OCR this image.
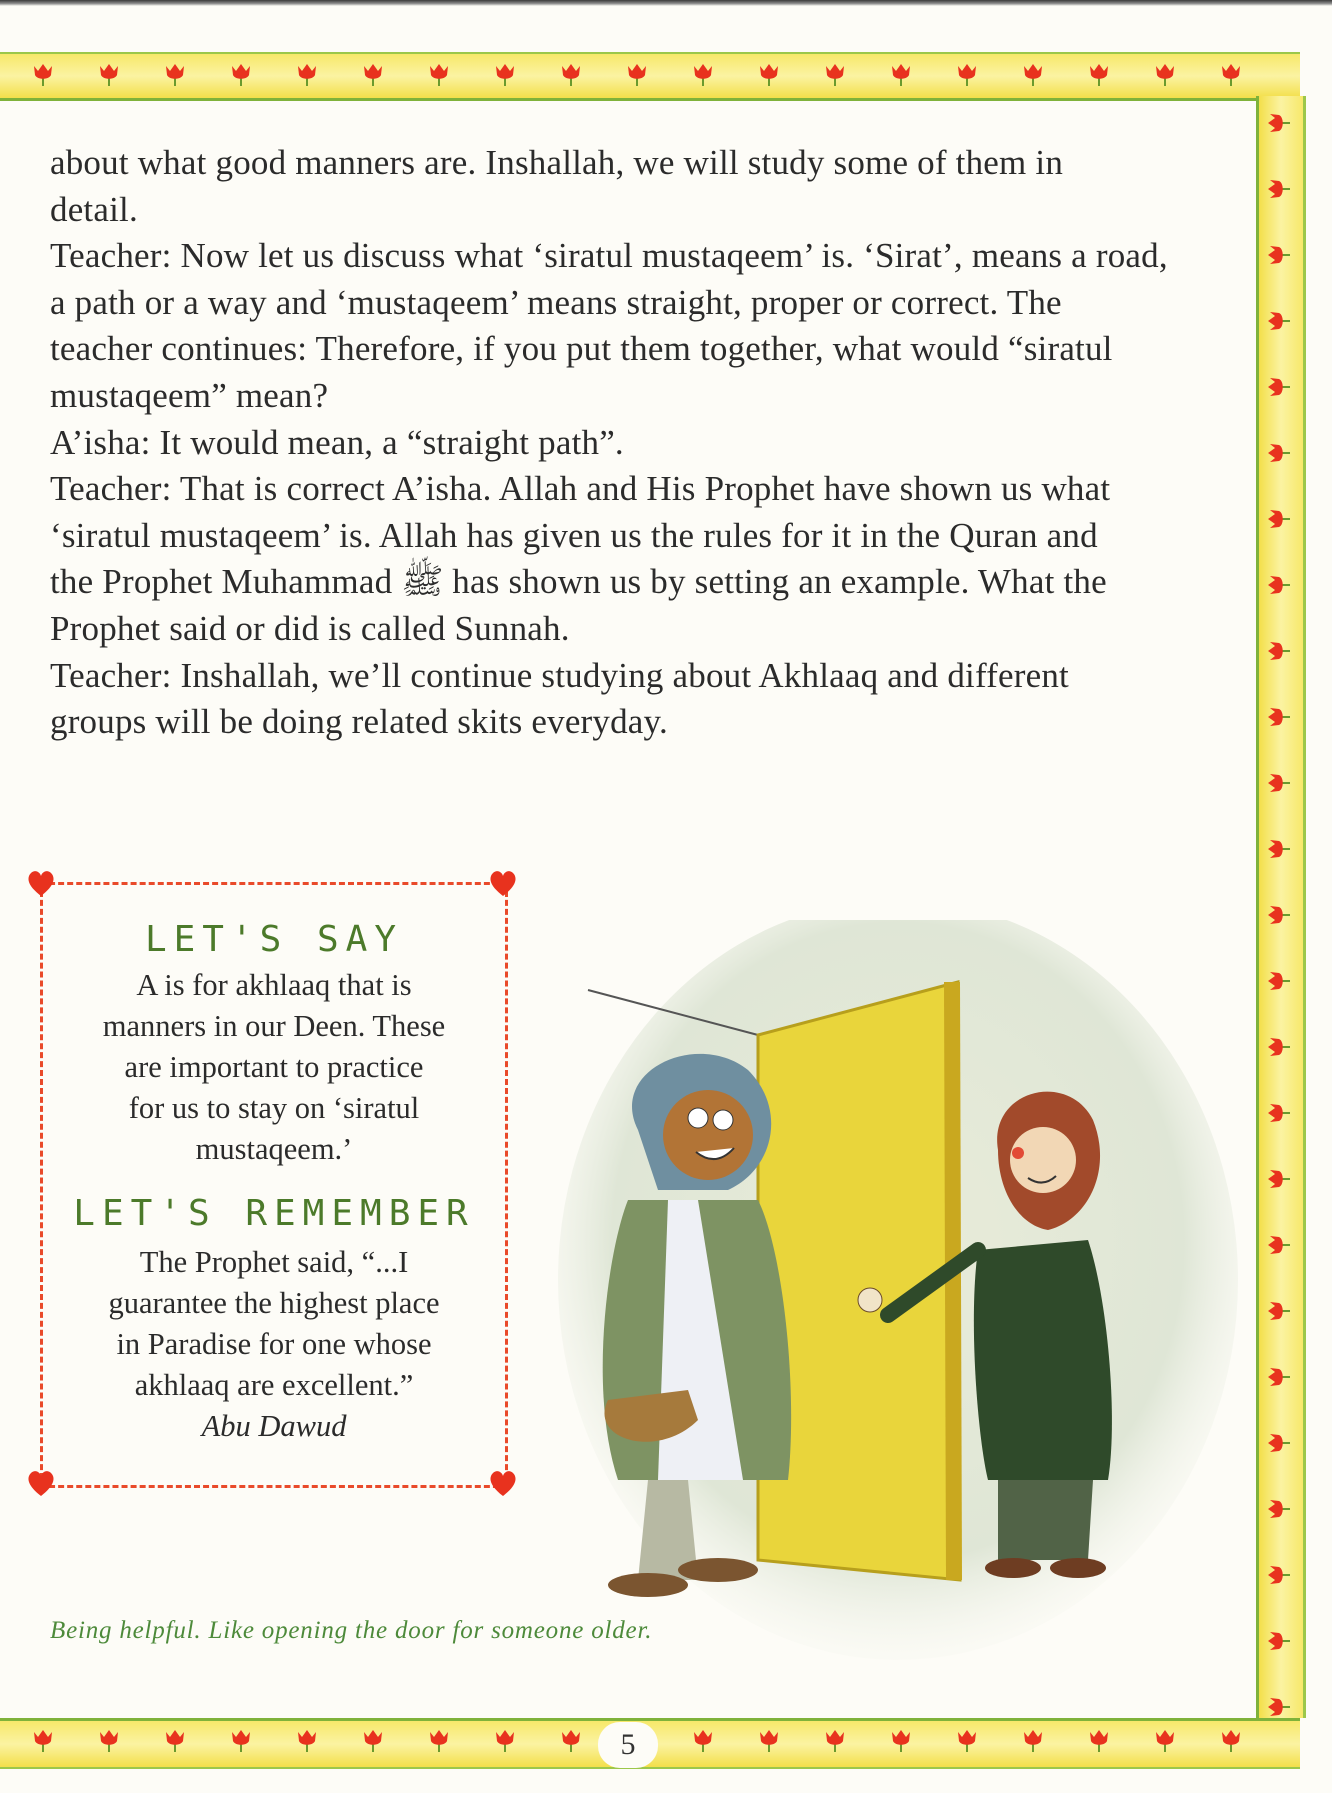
5

about what good manners are. Inshallah, we will study some of them in

detail.

Teacher: Now let us discuss what ‘siratul mustaqeem’ is. ‘Sirat’, means a road,

a path or a way and ‘mustaqeem’ means straight, proper or correct. The

teacher continues: Therefore, if you put them together, what would “siratul

mustaqeem” mean?

A’isha: It would mean, a “straight path”.

Teacher: That is correct A’isha. Allah and His Prophet have shown us what

‘siratul mustaqeem’ is. Allah has given us the rules for it in the Quran and

the Prophet Muhammad ﷺ has shown us by setting an example. What the

Prophet said or did is called Sunnah.

Teacher: Inshallah, we’ll continue studying about Akhlaaq and different

groups will be doing related skits everyday.

LET'S SAY

A is for akhlaaq that is

manners in our Deen. These

are important to practice

for us to stay on ‘siratul

mustaqeem.’

LET'S REMEMBER

The Prophet said, “...I

guarantee the highest place

in Paradise for one whose

akhlaaq are excellent.”

Abu Dawud

Being helpful. Like opening the door for someone older.
